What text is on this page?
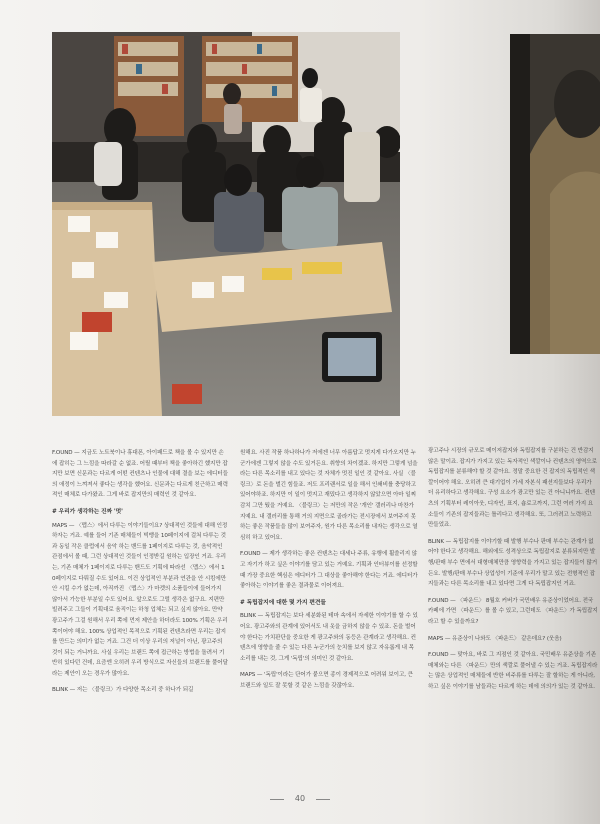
F.OUND — 지금도 노트북이나 휴대폰, 아이패드로 책을 볼 수 있지만 손에 잡히는 그 느낌을 따라갈 순 없죠. 어릴 때부터 책을 좋아하긴 했지만 잡지만 보면 신문과는 다르게 어떤 컨텐츠나 인물에 대해 결을 보는 에디터들의 애정이 느껴져서 좋다는 생각을 했어요. 신문과는 다르게 친근하고 매력적인 매체로 다가왔죠. 그게 바로 잡지만의 매력인 것 같아요.

# 우리가 생각하는 진짜 '멋'

MAPS — 〈맵스〉에서 다루는 이야기들이요? 상대적인 것들에 대해 인정하자는 거죠. 예를 들어 기존 매체들이 빅뱅을 10페이지에 걸쳐 다루는 것과 동일 작은 클럽에서 음악 하는 밴드를 1페이지로 다루는 것, 음악적인 관점에서 볼 때, 그런 상대적인 것들이 인정받길 원하는 입장인 거죠. 우리는, 기존 매체가 1페이지로 다루는 밴드도 기획에 따라선 〈맵스〉에서 10페이지로 다뤄질 수도 있어요. 이건 상업적인 부분과 연관을 안 시킴에만 안 시킬 수가 없는데, 아직까진 〈맵스〉가 마켓의 소품들이에 들어가지 않아서 가능한 부분일 수도 있어요. 앞으로도 그럴 생각은 없구요. 지편만 빌려주고 그들이 기획대로 움직이는 하청 업체는 되고 싶지 않아요. 만약 광고주가 그걸 원해서 우리 쪽에 먼저 제안을 하더라도 100% 기획은 우리 쪽이어야 해요. 100% 상업적인 목적으로 기획된 컨텐츠라면 우리는 잡지를 만드는 의미가 없는 거죠. 그건 더 이상 우리의 저널이 아닌, 광고주의 것이 되는 거니까요. 사실 우리는 브랜드 쪽에 접근하는 방법을 돌려서 기반히 있다던 건데, 요즘엔 오히려 우리 방식으로 자신들의 브랜드를 풀어달라는 제안이 오는 경우가 많아요.

BLINK — 저는 〈블링크〉가 다양한 목소리 중 하나가 되길

원해요. 사진 작품 하나하나가 저에겐 너무 아름답고 멋지게 다가오지만 누군가에겐 그렇지 않을 수도 있거든요. 취향의 차이겠죠. 하지만 그렇게 넘을라는 다른 목소리를 내고 있다는 것 자체가 멋진 일인 것 같아요. 사실 〈블링크〉로 돈을 벌긴 힘들죠. 저도 프리랜서로 일을 해서 인쇄비를 충당하고 있어야하죠. 하지만 이 일이 멋지고 재밌다고 생각하지 않았으면 아마 일찌감치 그만 뒀을 거예요. 〈블링크〉는 저만의 작은 '개인' 갤러리나 마찬가지예요. 내 갤러리를 통해 거의 지면으로 골라가는 전시장에서 보여주지 못하는 좋은 작품들을 많이 보여주자, 원가 다른 목소리를 내자는 생각으로 열심히 하고 있어요.

F.OUND — 제가 생각하는 좋은 컨텐츠는 대세나 주류, 유행에 휩쓸리지 않고 자기가 하고 싶은 이야기를 담고 있는 거예요. 기획과 인터뷰이를 선정할 때 가장 중요한 핵심은 에디터가 그 대상을 좋아해야 한다는 거죠. 에디터가 좋아하는 이야기를 좋은 결과물로 이어져요.

# 독립잡지에 대한 몇 가지 편견들

BLINK — 독립잡지는 보다 세분화된 테마 속에서 자세한 이야기를 할 수 있어요. 광고주와의 관계에 있어서도 내 옷을 금하지 않을 수 있죠. 돈을 벌어야 한다는 가치판단을 중요한 게 광고주와의 동등은 관계라고 생각해요. 컨텐츠에 영향을 줄 수 있는 다른 누군가의 눈치를 보지 않고 자유롭게 내 목소리를 내는 것, 그게 '독립'의 의미인 것 같아요.

MAPS — '독립'이라는 단어가 붙으면 종이 경제적으로 어려워 보이고, 큰 브랜드와 일도 잘 못할 것 같은 느낌을 갖잖아요.

광고주나 시장의 규모로 메이저잡지와 독립잡지를 구분하는 건 반감지 않은 말이죠. 잡지가 가지고 있는 독자적인 색깔이나 컨텐츠의 영역으로 독립잡지를 분류해야 할 것 같아요. 정말 중요한 건 잡지의 독립적인 색깔이어야 해요. 오히려 큰 대기업이 가세 자본식 패션지들보다 우리가 더 유리하다고 생각해요. 구성 요소가 광고만 있는 건 아니니까요. 컨텐츠의 기획부터 레이아웃, 디자인, 표지, 숍로고까지, 그런 여러 가지 요소들이 기존의 잡지들과는 틀리다고 생각해요. 또, 그러려고 노력하고 만들었죠.

BLINK — 독립잡지를 이야기할 때 발행 부수나 판매 부수는 관계가 없어야 한다고 생각해요. 해외에도 성격상으로 독립잡지로 분류되지만 발행/판매 부수 면에서 대형매체만큼 영향력을 가지고 있는 잡지들이 많거든요. 발행/판매 부수나 상업성이 기준에 우리가 말고 있는 전형적인 잡지들과는 다른 목소리를 내고 있다면 그게 다 독립잡지인 거죠.

F.OUND — 〈파운드〉 8월호 커버가 국민배우 유준상이었어요. 전국 카페에 가면 〈파운드〉를 볼 수 있고, 그런데도 〈파운드〉가 독립잡지라고 할 수 있을까요?

MAPS — 유준상이 나와도 〈파운드〉 같은데요? (웃음)

F.OUND — 맞아요, 바로 그 지점인 것 같아요. 국민배우 유준상을 기존 매체와는 다른 〈파운드〉만의 색깔로 풀어낼 수 있는 거죠. 독립잡지라는 많은 상업적인 매체들에 반한 비주류를 다루는 잘 할하는 게 아니라, 하고 싶은 이야기를 남들과는 다르게 하는 데에 의의가 있는 것 같아요.

40
